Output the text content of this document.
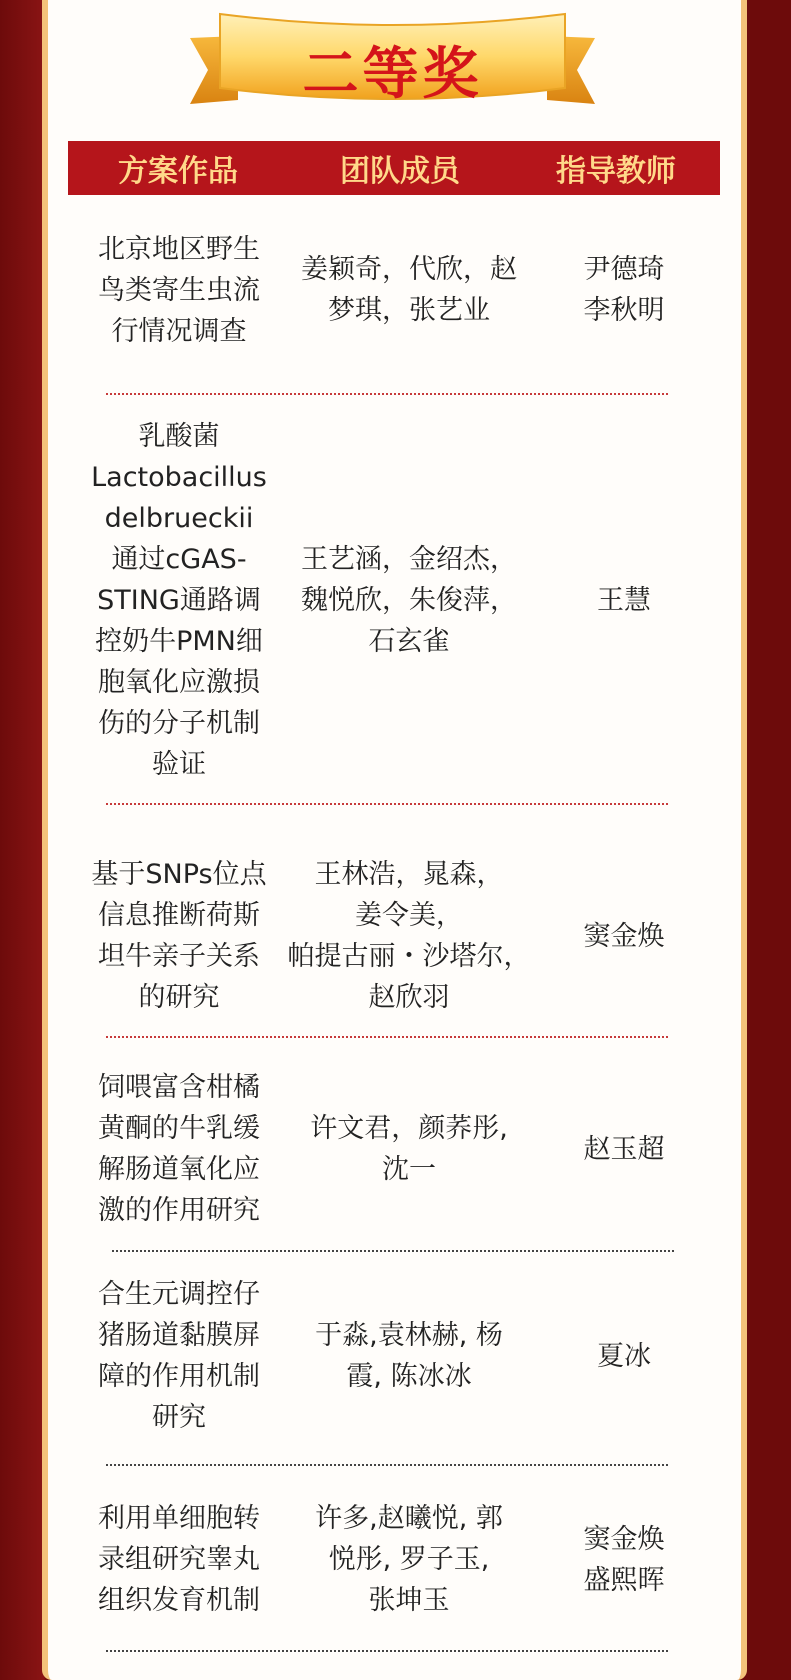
二等奖
方案作品	团队成员	指导教师
北京地区野生
鸟类寄生虫流
行情况调查
姜颖奇，代欣，赵
梦琪，张艺业
尹德琦
李秋明
乳酸菌
Lactobacillus
delbrueckii
通过cGAS-
STING通路调
控奶牛PMN细
胞氧化应激损
伤的分子机制
验证
王艺涵，金绍杰，
魏悦欣，朱俊萍，
石玄雀
王慧
基于SNPs位点
信息推断荷斯
坦牛亲子关系
的研究
王林浩，晁森，
姜令美，
帕提古丽・沙塔尔，
赵欣羽
窦金焕
饲喂富含柑橘
黄酮的牛乳缓
解肠道氧化应
激的作用研究
许文君，颜荞彤,
沈一
赵玉超
合生元调控仔
猪肠道黏膜屏
障的作用机制
研究
于淼,袁林赫, 杨
霞, 陈冰冰
夏冰
利用单细胞转
录组研究睾丸
组织发育机制
许多,赵曦悦, 郭
悦彤, 罗子玉,
张坤玉
窦金焕
盛熙晖
